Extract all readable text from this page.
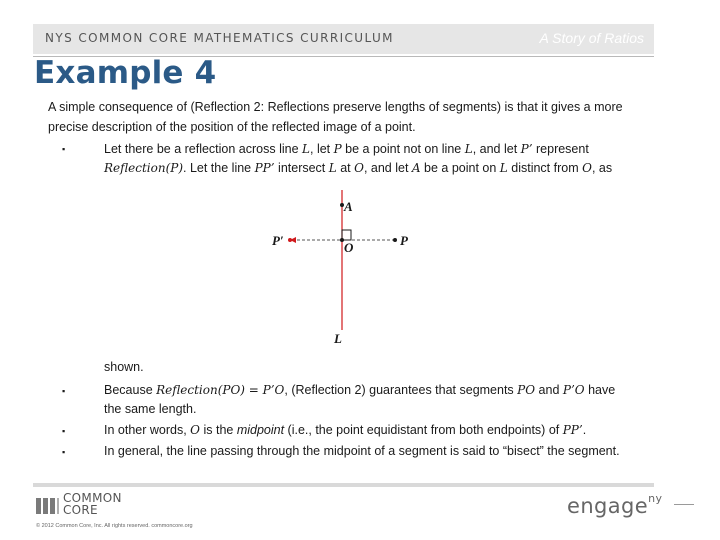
NYS COMMON CORE MATHEMATICS CURRICULUM	A Story of Ratios
Example 4
A simple consequence of (Reflection 2: Reflections preserve lengths of segments) is that it gives a more precise description of the position of the reflected image of a point.
▪	Let there be a reflection across line L, let P be a point not on line L, and let P’ represent
Reflection(P). Let the line PP’ intersect L at O, and let A be a point on L distinct from O, as
A
O	P
P′
L
shown.
▪	Because Reflection(PO) = P’O, (Reflection 2) guarantees that segments PO and P’O have
the same length.
▪	In other words, O is the midpoint (i.e., the point equidistant from both endpoints) of PP’.
▪	In general, the line passing through the midpoint of a segment is said to “bisect” the segment.
COMMON
CORE
© 2012 Common Core, Inc. All rights reserved. commoncore.org
engage$^{ny}$
